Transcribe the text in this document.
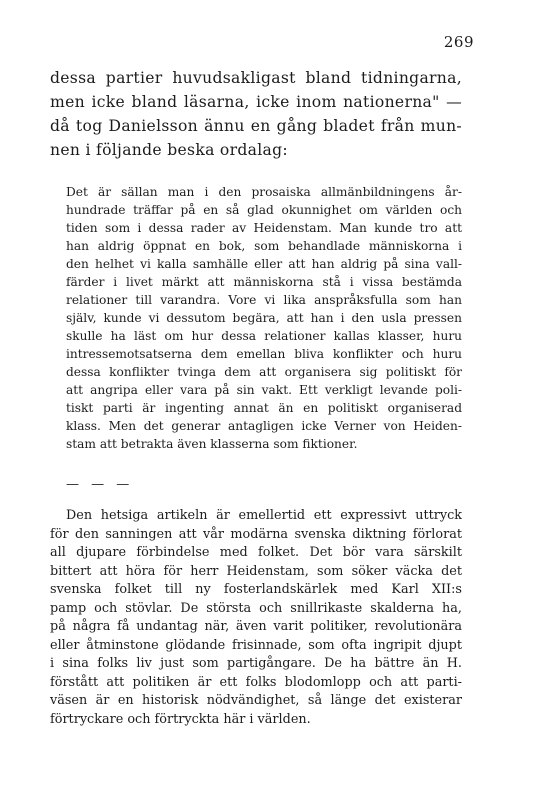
269
dessa partier huvudsakligast bland tidningarna,
men icke bland läsarna, icke inom nationerna" —
då tog Danielsson ännu en gång bladet från mun-
nen i följande beska ordalag:
Det är sällan man i den prosaiska allmänbildningens år-
hundrade träffar på en så glad okunnighet om världen och
tiden som i dessa rader av Heidenstam. Man kunde tro att
han aldrig öppnat en bok, som behandlade människorna i
den helhet vi kalla samhälle eller att han aldrig på sina vall-
färder i livet märkt att människorna stå i vissa bestämda
relationer till varandra. Vore vi lika anspråksfulla som han
själv, kunde vi dessutom begära, att han i den usla pressen
skulle ha läst om hur dessa relationer kallas klasser, huru
intressemotsatserna dem emellan bliva konflikter och huru
dessa konflikter tvinga dem att organisera sig politiskt för
att angripa eller vara på sin vakt. Ett verkligt levande poli-
tiskt parti är ingenting annat än en politiskt organiserad
klass. Men det generar antagligen icke Verner von Heiden-
stam att betrakta även klasserna som fiktioner.
— — —
Den hetsiga artikeln är emellertid ett expressivt uttryck
för den sanningen att vår modärna svenska diktning förlorat
all djupare förbindelse med folket. Det bör vara särskilt
bittert att höra för herr Heidenstam, som söker väcka det
svenska folket till ny fosterlandskärlek med Karl XII:s
pamp och stövlar. De största och snillrikaste skalderna ha,
på några få undantag när, även varit politiker, revolutionära
eller åtminstone glödande frisinnade, som ofta ingripit djupt
i sina folks liv just som partigångare. De ha bättre än H.
förstått att politiken är ett folks blodomlopp och att parti-
väsen är en historisk nödvändighet, så länge det existerar
förtryckare och förtryckta här i världen.
